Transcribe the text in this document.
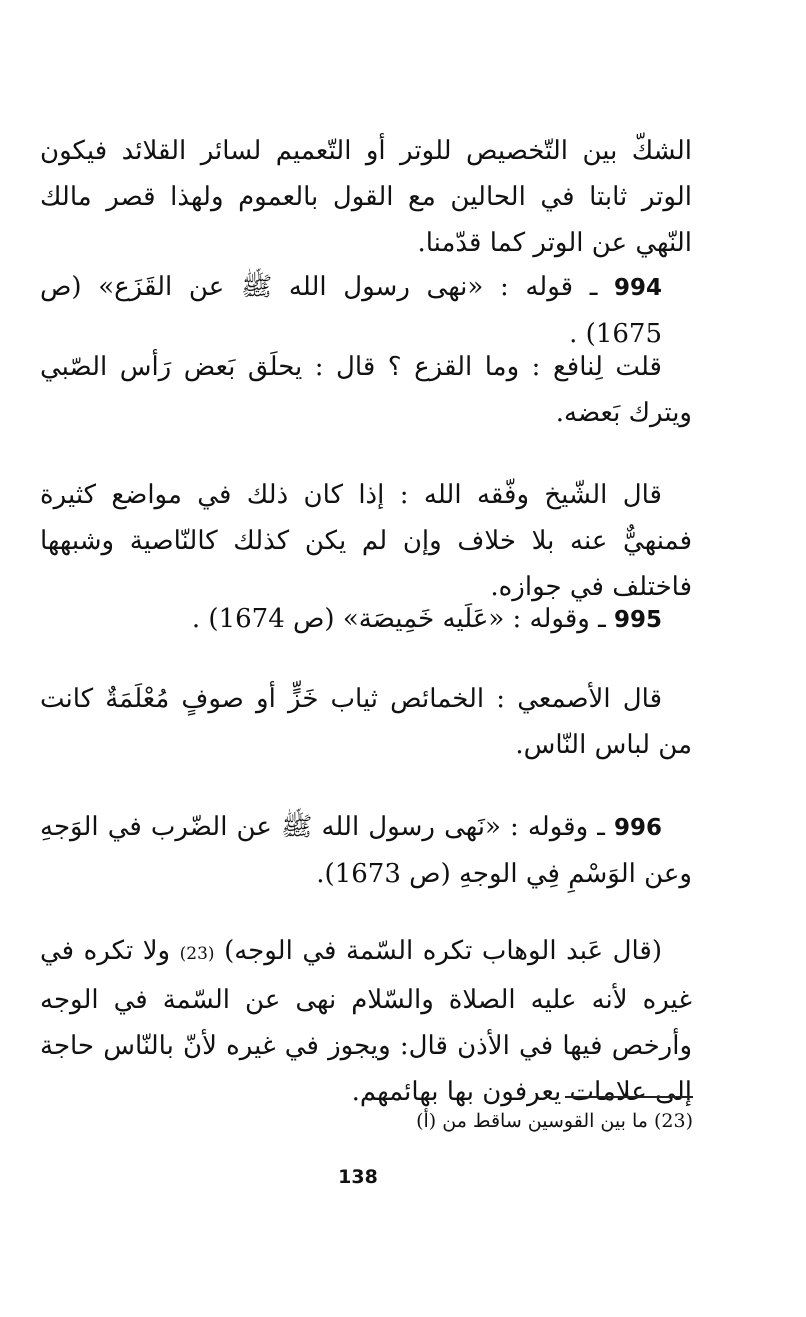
الشكّ بين التّخصيص للوتر أو التّعميم لسائر القلائد فيكون الوتر ثابتا في الحالين مع القول بالعموم ولهذا قصر مالك النّهي عن الوتر كما قدّمنا.

994 ـ قوله : «نهى رسول الله ﷺ عن القَزَع» (ص 1675) .

قلت لِنافع : وما القزع ؟ قال : يحلَق بَعض رَأس الصّبي ويترك بَعضه.

قال الشّيخ وفّقه الله : إذا كان ذلك في مواضع كثيرة فمنهيٌّ عنه بلا خلاف وإن لم يكن كذلك كالنّاصية وشبهها فاختلف في جوازه.

995 ـ وقوله : «عَلَيه خَمِيصَة» (ص 1674) .

قال الأصمعي : الخمائص ثياب خَزٍّ أو صوفٍ مُعْلَمَةٌ كانت من لباس النّاس.

996 ـ وقوله : «نَهى رسول الله ﷺ عن الضّرب في الوَجهِ وعن الوَسْمِ فِي الوجهِ (ص 1673).

(قال عَبد الوهاب تكره السّمة في الوجه) (23) ولا تكره في غيره لأنه عليه الصلاة والسّلام نهى عن السّمة في الوجه وأرخص فيها في الأذن قال: ويجوز في غيره لأنّ بالنّاس حاجة إلى علامات يعرفون بها بهائمهم.

(23) ما بين القوسين ساقط من (أ)

138
